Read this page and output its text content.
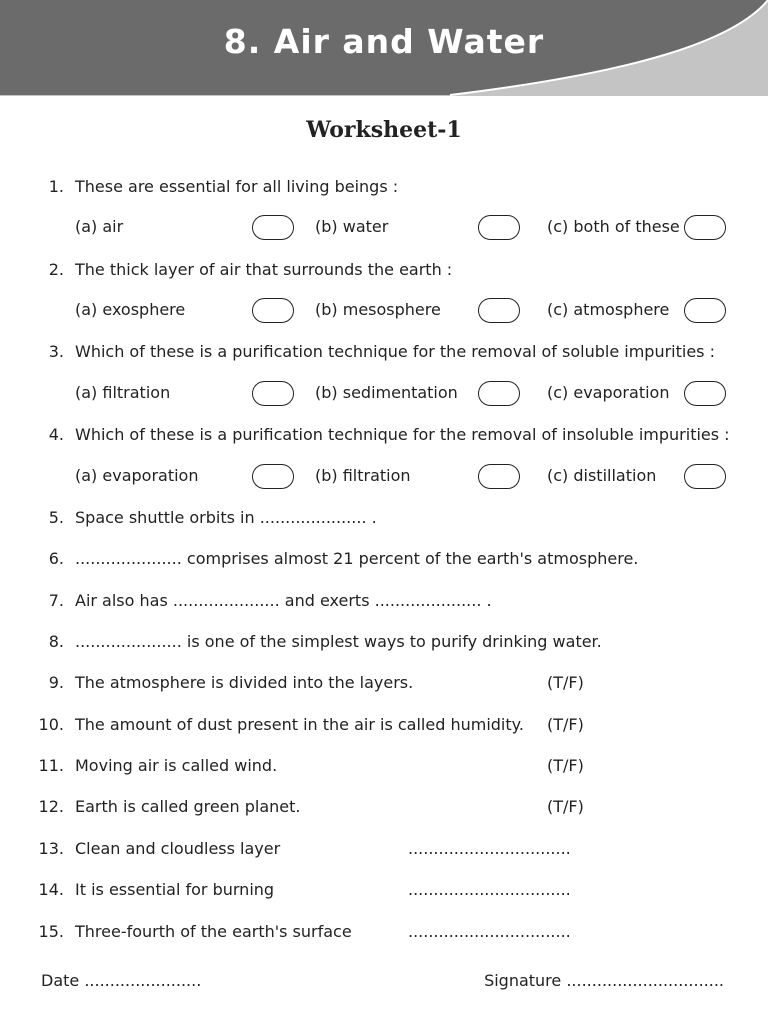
8. Air and Water
Worksheet-1
1. These are essential for all living beings :
(a) air	(b) water	(c) both of these
2. The thick layer of air that surrounds the earth :
(a) exosphere	(b) mesosphere	(c) atmosphere
3. Which of these is a purification technique for the removal of soluble impurities :
(a) filtration	(b) sedimentation	(c) evaporation
4. Which of these is a purification technique for the removal of insoluble impurities :
(a) evaporation	(b) filtration	(c) distillation
5. Space shuttle orbits in ..................... .
6. ..................... comprises almost 21 percent of the earth's atmosphere.
7. Air also has ..................... and exerts ..................... .
8. ..................... is one of the simplest ways to purify drinking water.
9. The atmosphere is divided into the layers.	(T/F)
10. The amount of dust present in the air is called humidity. (T/F)
11. Moving air is called wind.	(T/F)
12. Earth is called green planet.	(T/F)
13. Clean and cloudless layer	................................
14. It is essential for burning	................................
15. Three-fourth of the earth's surface	................................
Date .......................	Signature ...............................
